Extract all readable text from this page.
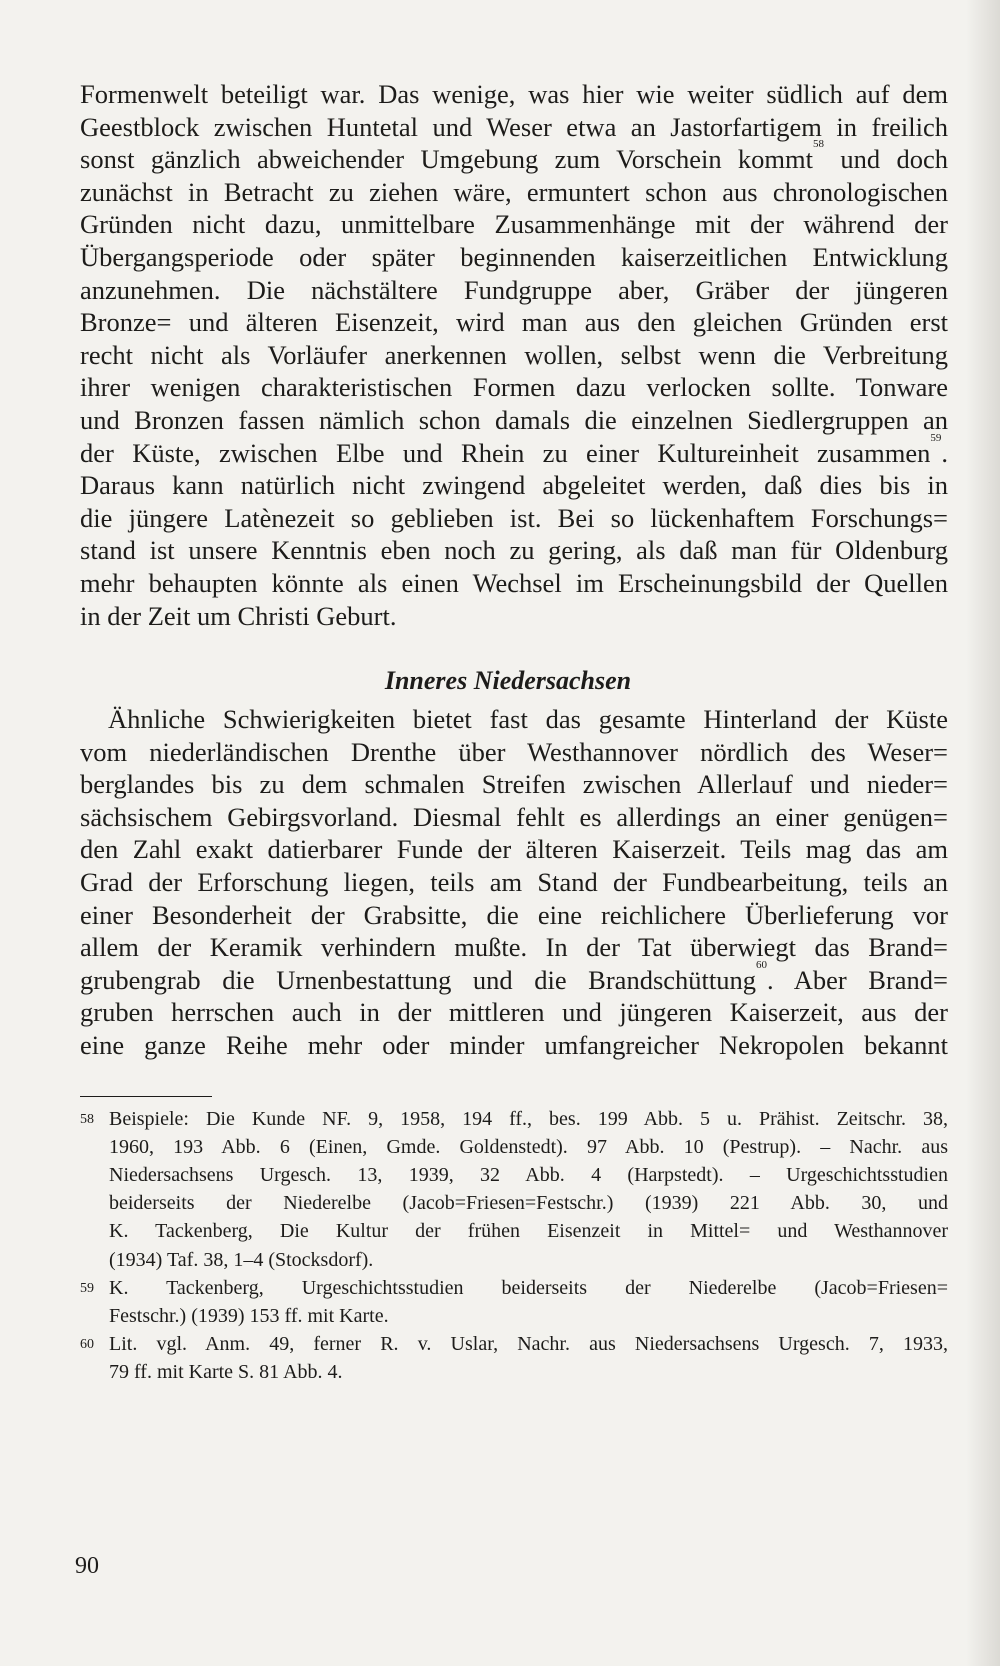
Formenwelt beteiligt war. Das wenige, was hier wie weiter südlich auf dem
Geestblock zwischen Huntetal und Weser etwa an Jastorfartigem in freilich
sonst gänzlich abweichender Umgebung zum Vorschein kommt$^{58}$ und doch
zunächst in Betracht zu ziehen wäre, ermuntert schon aus chronologischen
Gründen nicht dazu, unmittelbare Zusammenhänge mit der während der
Übergangsperiode oder später beginnenden kaiserzeitlichen Entwicklung
anzunehmen. Die nächstältere Fundgruppe aber, Gräber der jüngeren
Bronze= und älteren Eisenzeit, wird man aus den gleichen Gründen erst
recht nicht als Vorläufer anerkennen wollen, selbst wenn die Verbreitung
ihrer wenigen charakteristischen Formen dazu verlocken sollte. Tonware
und Bronzen fassen nämlich schon damals die einzelnen Siedlergruppen an
der Küste, zwischen Elbe und Rhein zu einer Kultureinheit zusammen$^{59}$.
Daraus kann natürlich nicht zwingend abgeleitet werden, daß dies bis in
die jüngere Latènezeit so geblieben ist. Bei so lückenhaftem Forschungs=
stand ist unsere Kenntnis eben noch zu gering, als daß man für Oldenburg
mehr behaupten könnte als einen Wechsel im Erscheinungsbild der Quellen
in der Zeit um Christi Geburt.
Inneres Niedersachsen
Ähnliche Schwierigkeiten bietet fast das gesamte Hinterland der Küste
vom niederländischen Drenthe über Westhannover nördlich des Weser=
berglandes bis zu dem schmalen Streifen zwischen Allerlauf und nieder=
sächsischem Gebirgsvorland. Diesmal fehlt es allerdings an einer genügen=
den Zahl exakt datierbarer Funde der älteren Kaiserzeit. Teils mag das am
Grad der Erforschung liegen, teils am Stand der Fundbearbeitung, teils an
einer Besonderheit der Grabsitte, die eine reichlichere Überlieferung vor
allem der Keramik verhindern mußte. In der Tat überwiegt das Brand=
grubengrab die Urnenbestattung und die Brandschüttung$^{60}$. Aber Brand=
gruben herrschen auch in der mittleren und jüngeren Kaiserzeit, aus der
eine ganze Reihe mehr oder minder umfangreicher Nekropolen bekannt
58 Beispiele: Die Kunde NF. 9, 1958, 194 ff., bes. 199 Abb. 5 u. Prähist. Zeitschr. 38,
1960, 193 Abb. 6 (Einen, Gmde. Goldenstedt). 97 Abb. 10 (Pestrup). – Nachr. aus
Niedersachsens Urgesch. 13, 1939, 32 Abb. 4 (Harpstedt). – Urgeschichtsstudien
beiderseits der Niederelbe (Jacob=Friesen=Festschr.) (1939) 221 Abb. 30, und
K. Tackenberg, Die Kultur der frühen Eisenzeit in Mittel= und Westhannover
(1934) Taf. 38, 1–4 (Stocksdorf).
59 K. Tackenberg, Urgeschichtsstudien beiderseits der Niederelbe (Jacob=Friesen=
Festschr.) (1939) 153 ff. mit Karte.
60 Lit. vgl. Anm. 49, ferner R. v. Uslar, Nachr. aus Niedersachsens Urgesch. 7, 1933,
79 ff. mit Karte S. 81 Abb. 4.
90
